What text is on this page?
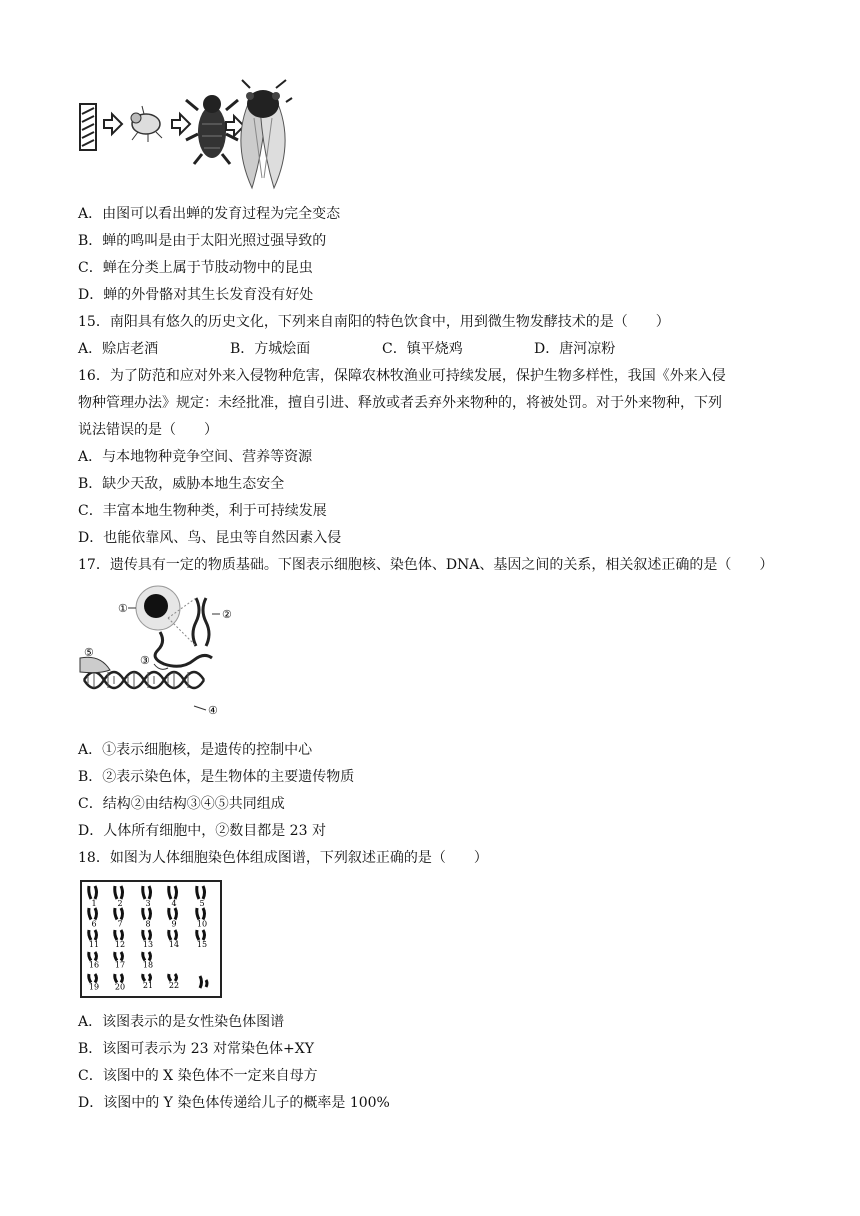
A．由图可以看出蝉的发育过程为完全变态
B．蝉的鸣叫是由于太阳光照过强导致的
C．蝉在分类上属于节肢动物中的昆虫
D．蝉的外骨骼对其生长发育没有好处
15．南阳具有悠久的历史文化，下列来自南阳的特色饮食中，用到微生物发酵技术的是（　　）
A．赊店老酒	B．方城烩面	C．镇平烧鸡	D．唐河凉粉
16．为了防范和应对外来入侵物种危害，保障农林牧渔业可持续发展，保护生物多样性，我国《外来入侵
物种管理办法》规定：未经批准，擅自引进、释放或者丢弃外来物种的，将被处罚。对于外来物种，下列
说法错误的是（　　）
A．与本地物种竞争空间、营养等资源
B．缺少天敌，威胁本地生态安全
C．丰富本地生物种类，利于可持续发展
D．也能依靠风、鸟、昆虫等自然因素入侵
17．遗传具有一定的物质基础。下图表示细胞核、染色体、DNA、基因之间的关系，相关叙述正确的是（　　）
①	②
③
⑤
④
A．①表示细胞核，是遗传的控制中心
B．②表示染色体，是生物体的主要遗传物质
C．结构②由结构③④⑤共同组成
D．人体所有细胞中，②数目都是 23 对
18．如图为人体细胞染色体组成图谱，下列叙述正确的是（　　）
1	2	3	4	5
6	7	8	9	10
11 12 13 14 15
16 17 18
19 20 21 22
A．该图表示的是女性染色体图谱
B．该图可表示为 23 对常染色体+XY
C．该图中的 X 染色体不一定来自母方
D．该图中的 Y 染色体传递给儿子的概率是 100%
